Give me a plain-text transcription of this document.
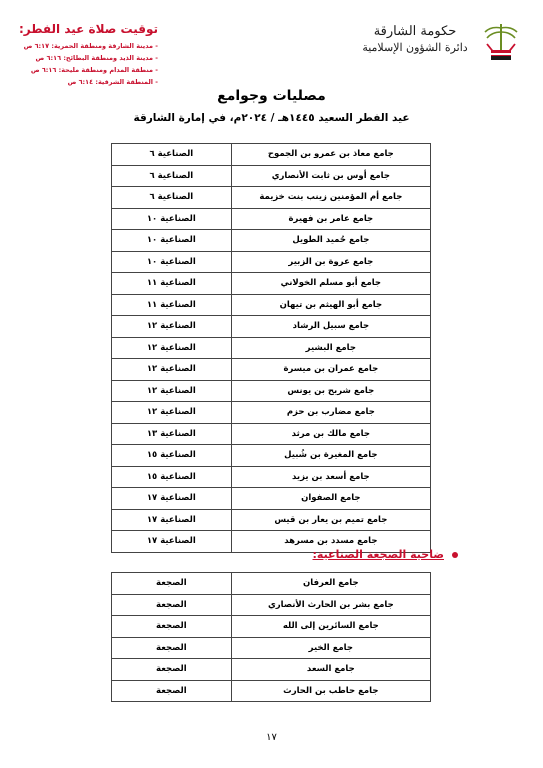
توقيت صلاة عيد الفطر:
- مدينة الشارقة ومنطقة الحمرية: ٦:١٧ ص
- مدينة الذيد ومنطقة البطائح: ٦:١٦ ص
- منطقة المدام ومنطقة مليحة: ٦:١٦ ص
- المنطقة الشرقية: ٦:١٤ ص
حكومة الشارقة
دائرة الشؤون الإسلامية
مصليات وجوامع
عيد الفطر السعيد ١٤٤٥هـ / ٢٠٢٤م، في إمارة الشارقة
جامع معاذ بن عمرو بن الجموح	الصناعية ٦
جامع أوس بن ثابت الأنصاري	الصناعية ٦
جامع أم المؤمنين زينب بنت خزيمة	الصناعية ٦
جامع عامر بن فهيرة	الصناعية ١٠
جامع حُميد الطويل	الصناعية ١٠
جامع عروة بن الزبير	الصناعية ١٠
جامع أبو مسلم الخولاني	الصناعية ١١
جامع أبو الهيثم بن تيهان	الصناعية ١١
جامع سبيل الرشاد	الصناعية ١٢
جامع البشير	الصناعية ١٢
جامع عمران بن ميسرة	الصناعية ١٢
جامع شريح بن يونس	الصناعية ١٢
جامع مضارب بن حزم	الصناعية ١٢
جامع مالك بن مرثد	الصناعية ١٣
جامع المغيرة بن شُبيل	الصناعية ١٥
جامع أسعد بن يزيد	الصناعية ١٥
جامع الصفوان	الصناعية ١٧
جامع تميم بن يعار بن قيس	الصناعية ١٧
جامع مسدد بن مسرهد	الصناعية ١٧
ضاحية الصجعة الصناعية:
جامع العرفان	الصجعة
جامع بشر بن الحارث الأنصاري	الصجعة
جامع السائرين إلى الله	الصجعة
جامع الخير	الصجعة
جامع السعد	الصجعة
جامع حاطب بن الحارث	الصجعة
١٧
